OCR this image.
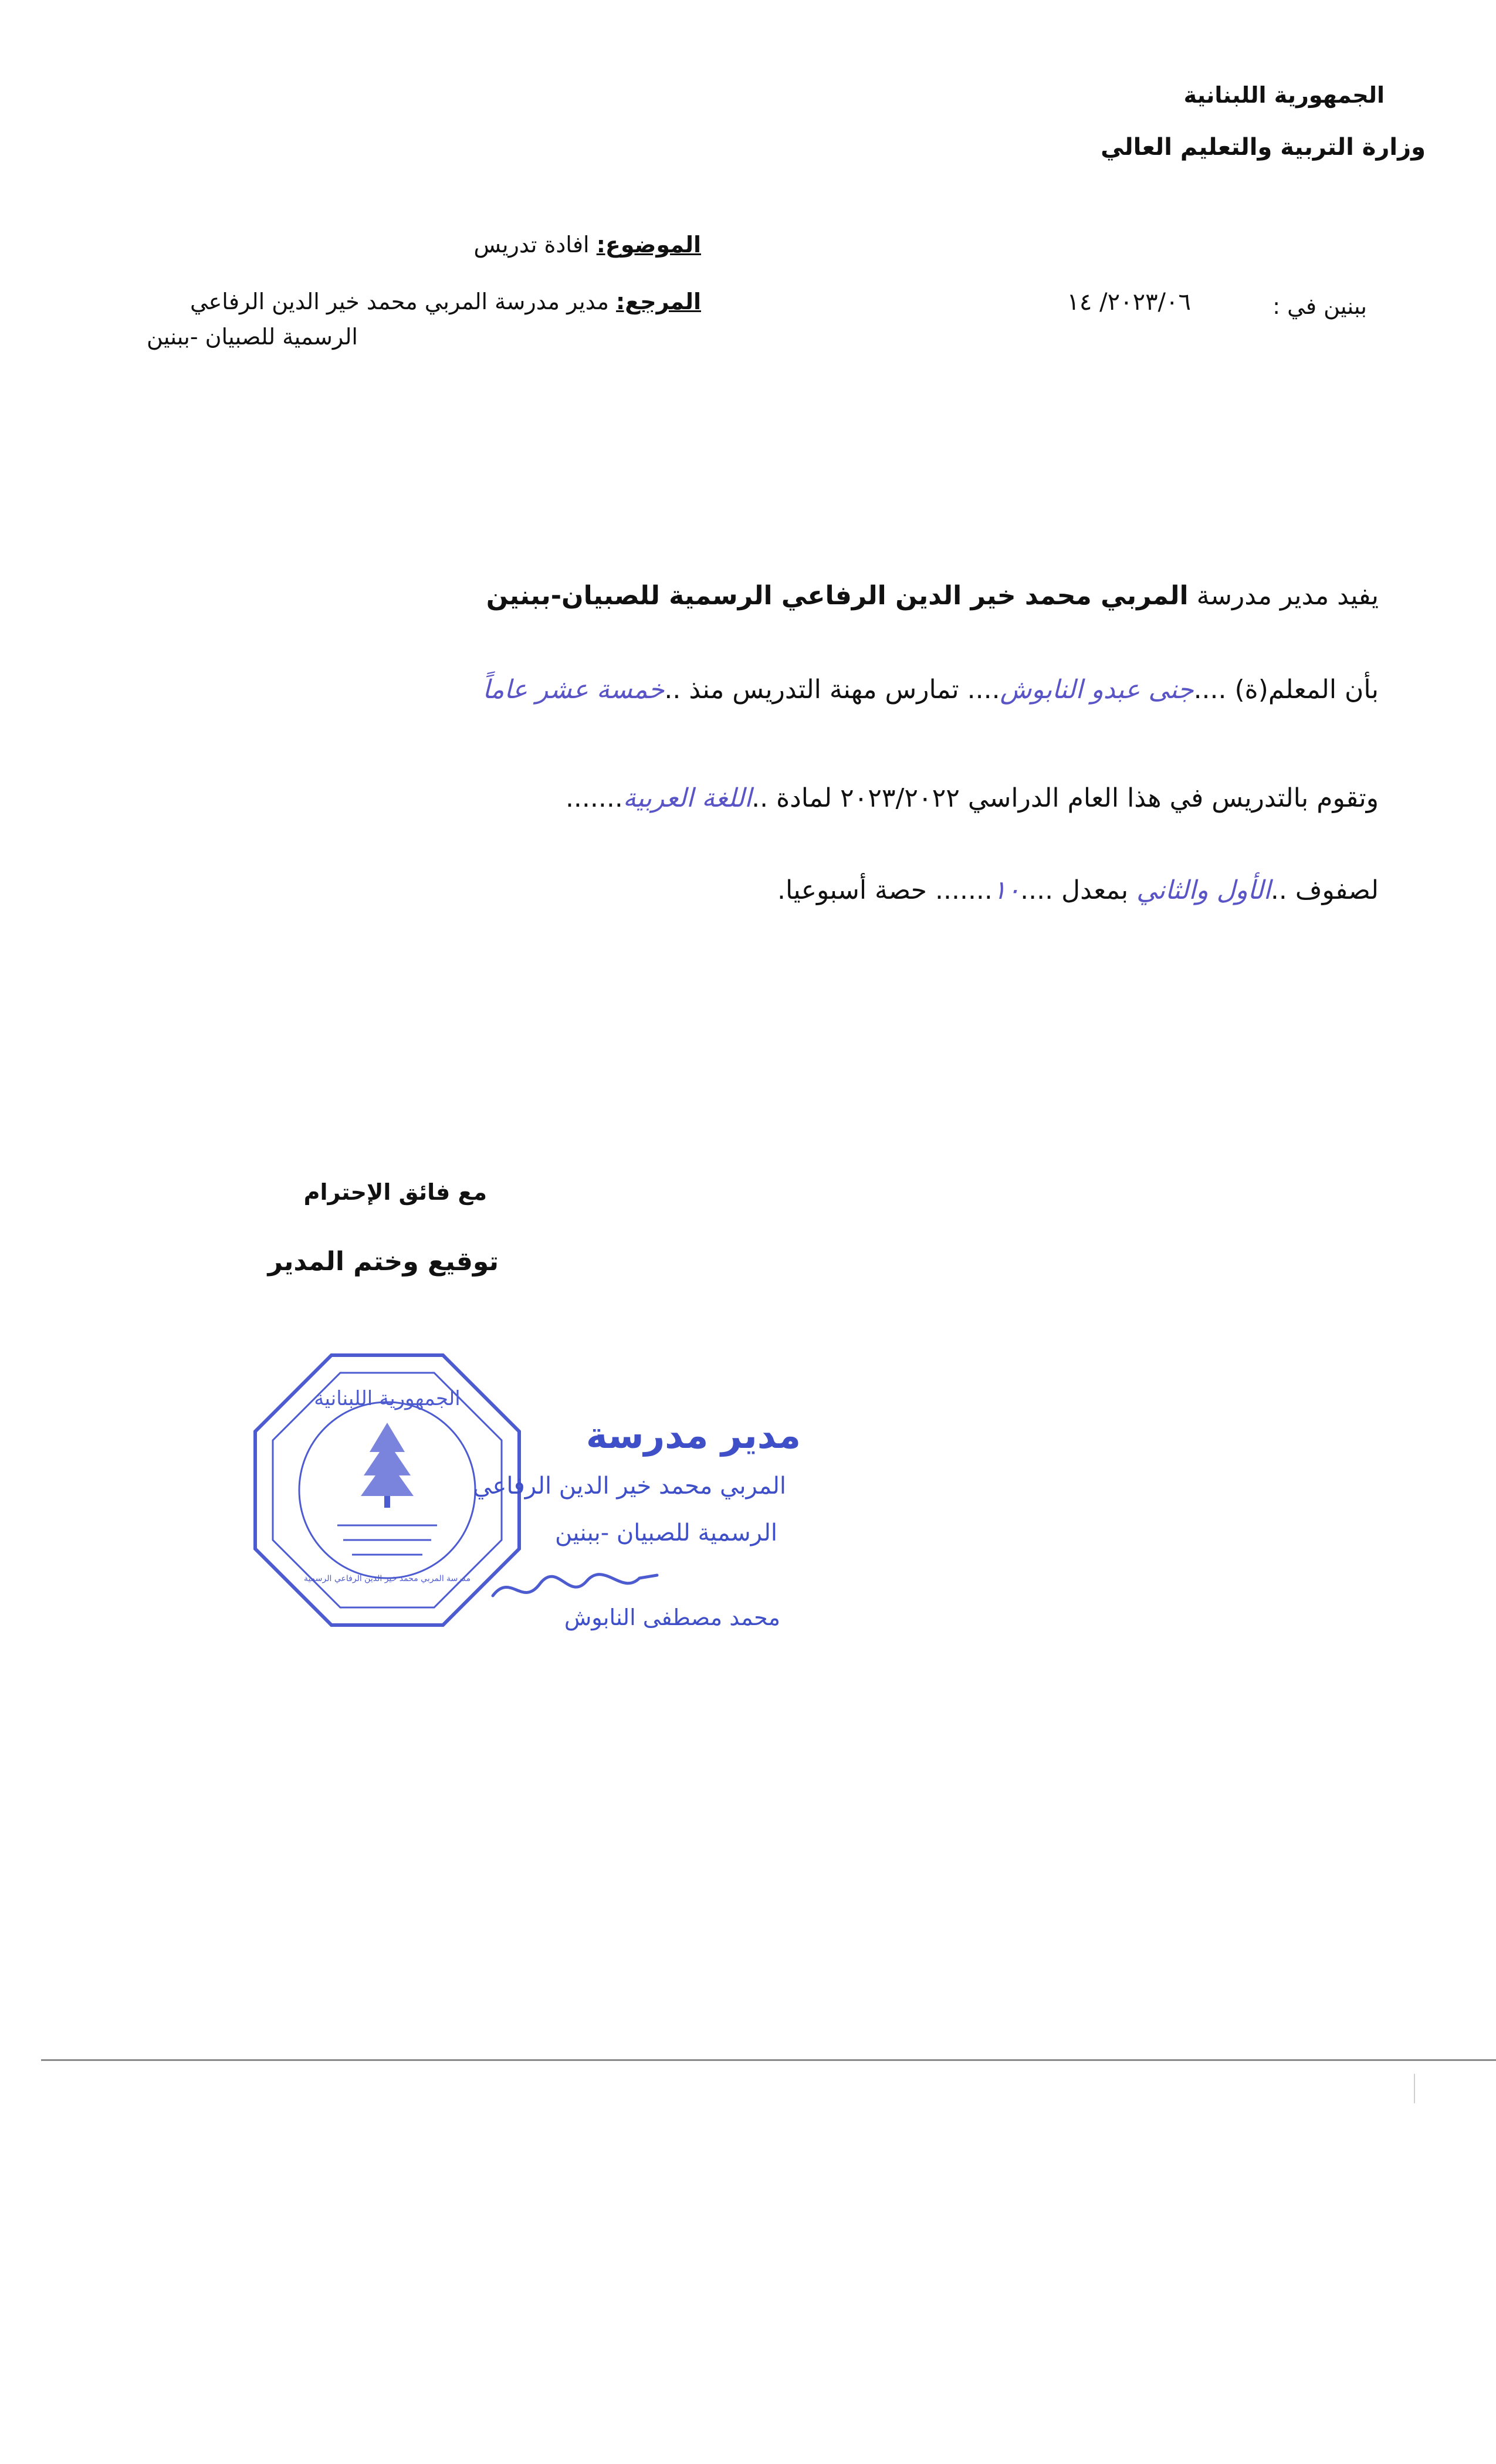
الجمهورية اللبنانية
وزارة التربية والتعليم العالي
الموضوع: افادة تدريس
المرجع: مدير مدرسة المربي محمد خير الدين الرفاعي
الرسمية للصبيان -ببنين
ببنين في :
٢٠٢٣/٠٦/ ١٤
يفيد مدير مدرسة المربي محمد خير الدين الرفاعي الرسمية للصبيان-ببنين
بأن المعلم(ة) ....جنى عبدو النابوش.... تمارس مهنة التدريس منذ ..خمسة عشر عاماً
وتقوم بالتدريس في هذا العام الدراسي ٢٠٢٣/٢٠٢٢ لمادة ..اللغة العربية.......
لصفوف ..الأول والثاني بمعدل ....١٠....... حصة أسبوعيا.
مع فائق الإحترام
توقيع وختم المدير
الجمهورية اللبنانية
مدرسة المربي محمد خير الدين الرفاعي الرسمية
مدير مدرسة
المربي محمد خير الدين الرفاعي
الرسمية للصبيان -ببنين
محمد مصطفى النابوش
